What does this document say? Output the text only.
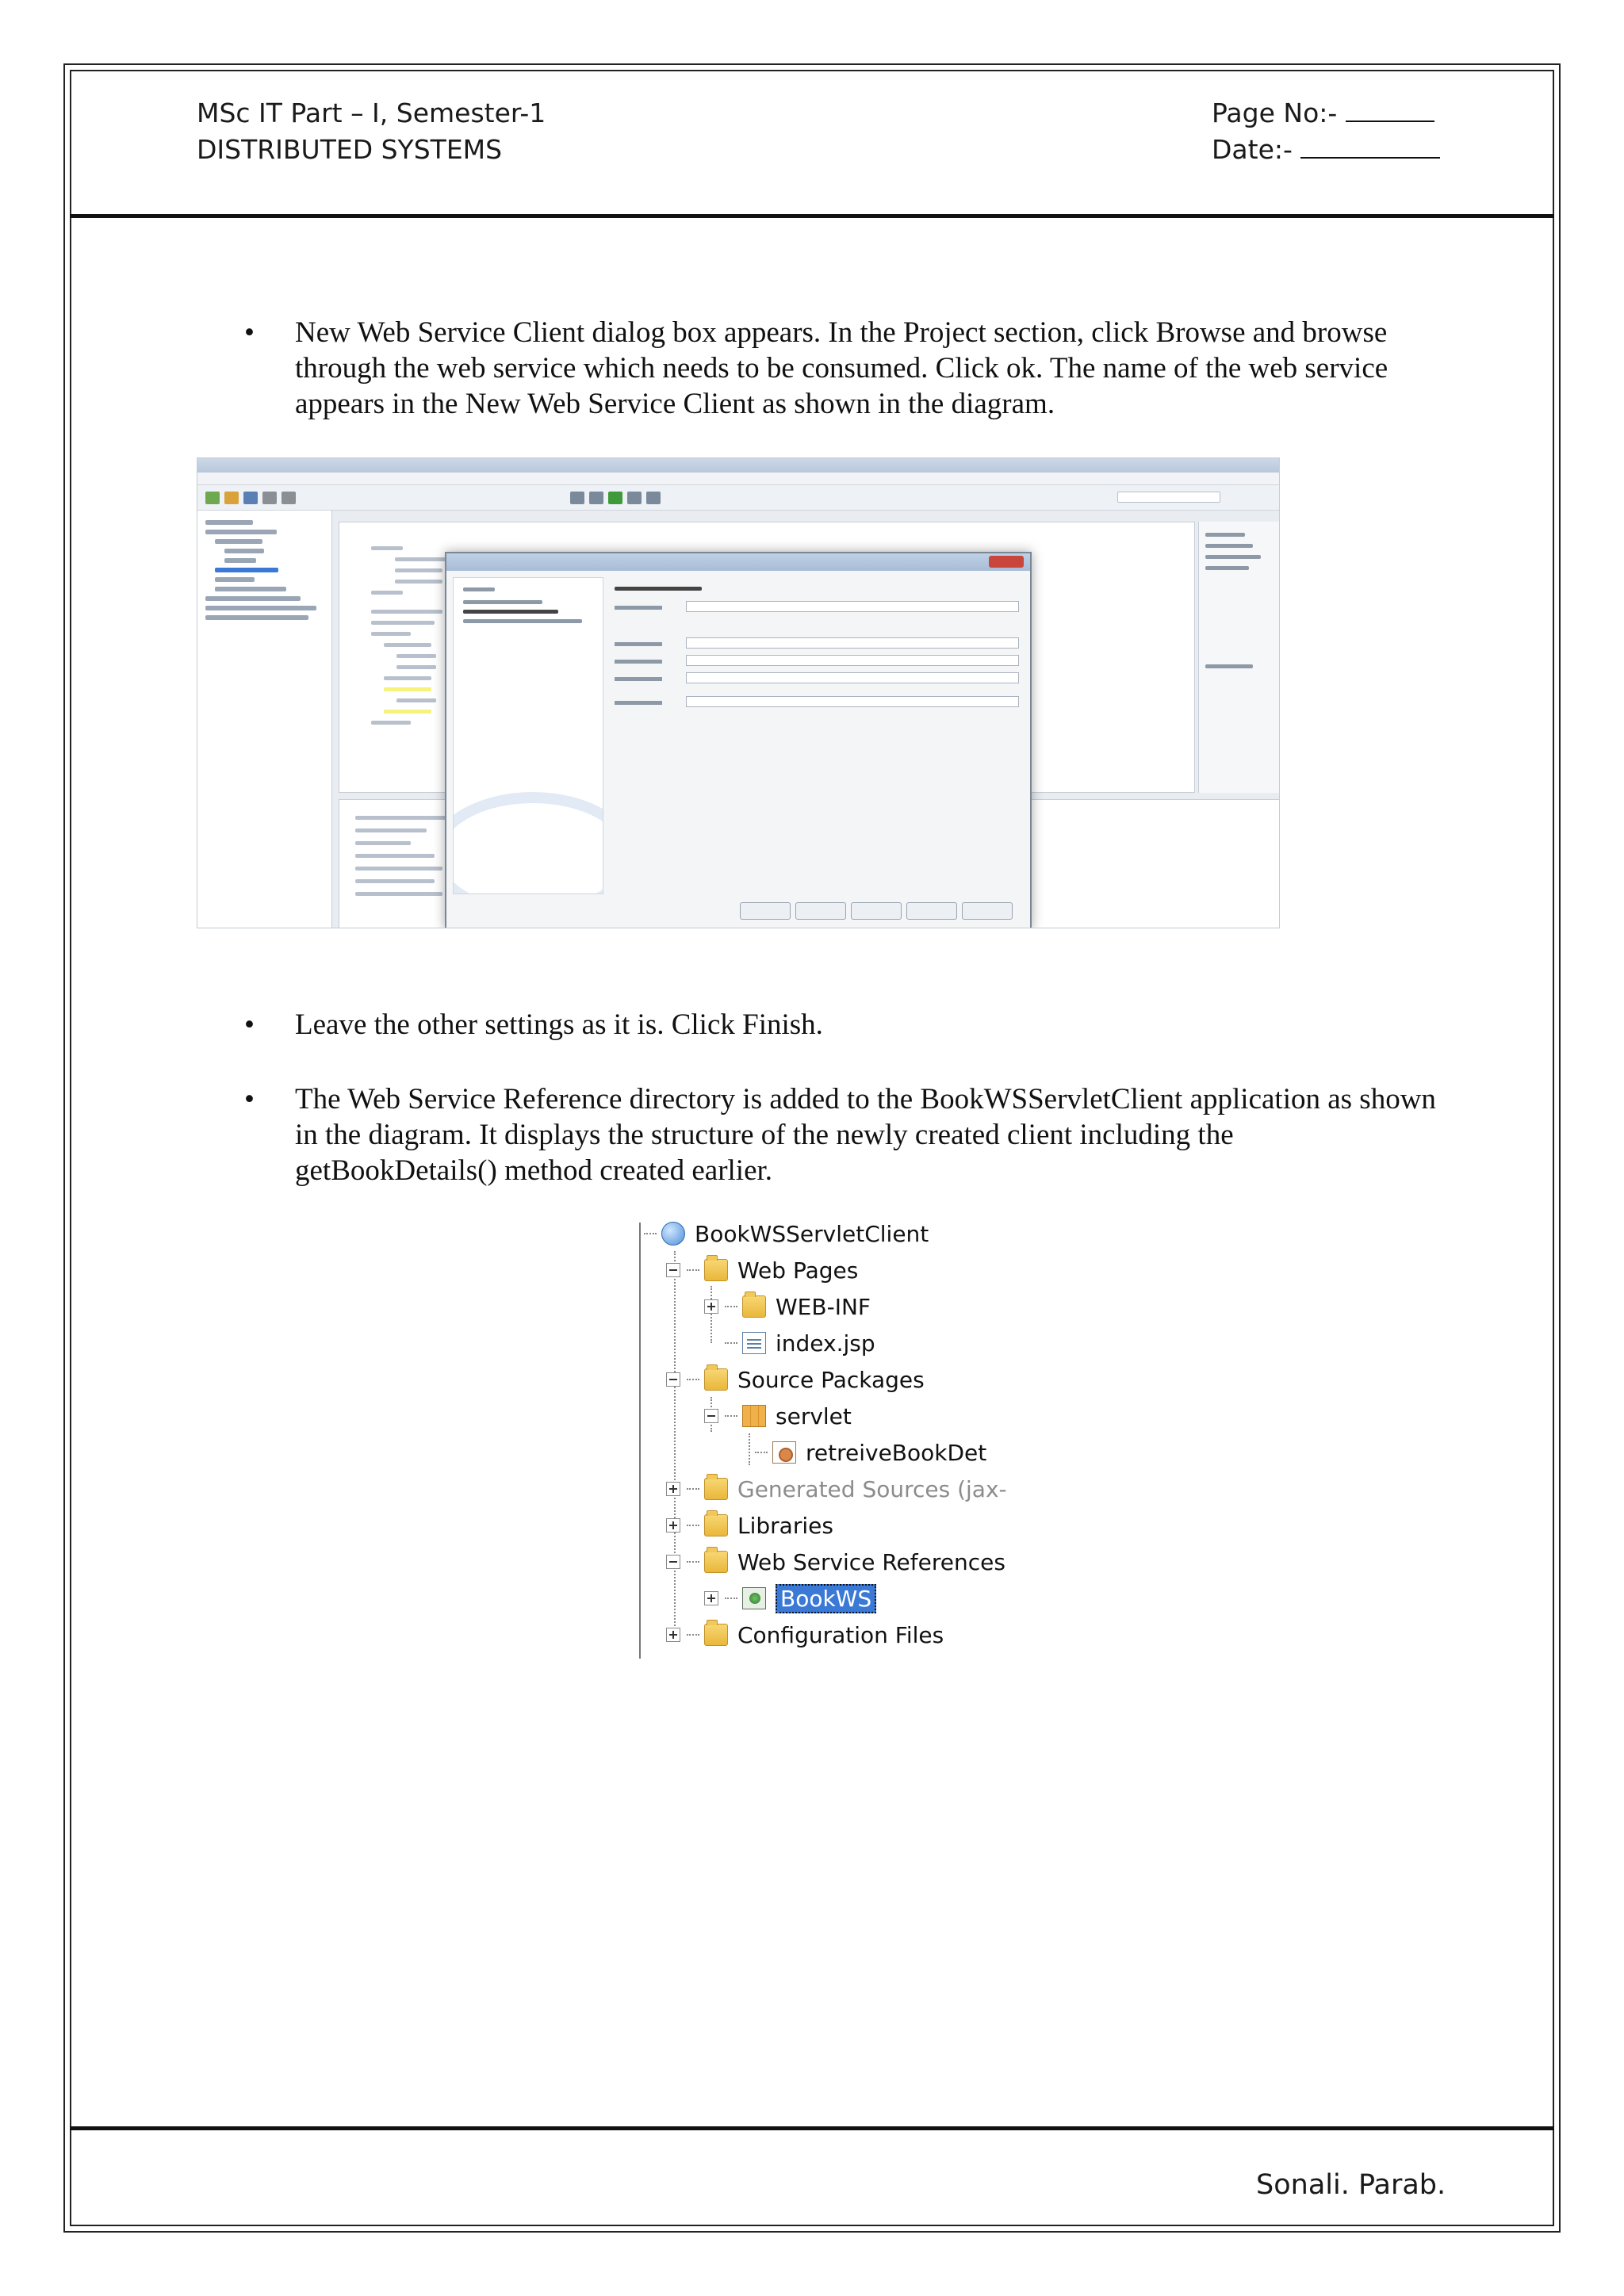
MSc IT Part – I, Semester-1
DISTRIBUTED SYSTEMS
Page No:-
Date:-
• New Web Service Client dialog box appears. In the Project section, click Browse and browse through the web service which needs to be consumed. Click ok. The name of the web service appears in the New Web Service Client as shown in the diagram.
• Leave the other settings as it is. Click Finish.
• The Web Service Reference directory is added to the BookWSServletClient application as shown in the diagram. It displays the structure of the newly created client including the getBookDetails() method created earlier.
BookWSServletClient
Web Pages
WEB-INF
index.jsp
Source Packages
servlet
retreiveBookDet
Generated Sources (jax-
Libraries
Web Service References
BookWS
Configuration Files
Sonali. Parab.
